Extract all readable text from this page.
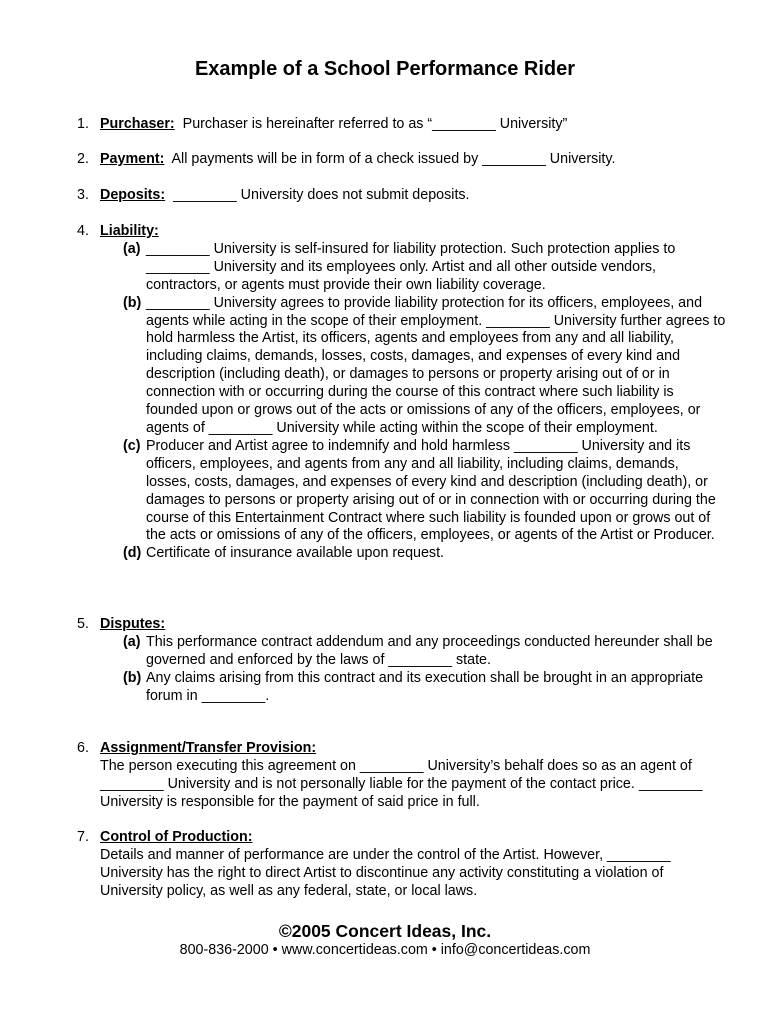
Example of a School Performance Rider
1. Purchaser: Purchaser is hereinafter referred to as “________ University”
2. Payment: All payments will be in form of a check issued by ________ University.
3. Deposits: ________ University does not submit deposits.
4. Liability:
(a) ________ University is self-insured for liability protection. Such protection applies to ________ University and its employees only. Artist and all other outside vendors, contractors, or agents must provide their own liability coverage.
(b) ________ University agrees to provide liability protection for its officers, employees, and agents while acting in the scope of their employment. ________ University further agrees to hold harmless the Artist, its officers, agents and employees from any and all liability, including claims, demands, losses, costs, damages, and expenses of every kind and description (including death), or damages to persons or property arising out of or in connection with or occurring during the course of this contract where such liability is founded upon or grows out of the acts or omissions of any of the officers, employees, or agents of ________ University while acting within the scope of their employment.
(c) Producer and Artist agree to indemnify and hold harmless ________ University and its officers, employees, and agents from any and all liability, including claims, demands, losses, costs, damages, and expenses of every kind and description (including death), or damages to persons or property arising out of or in connection with or occurring during the course of this Entertainment Contract where such liability is founded upon or grows out of the acts or omissions of any of the officers, employees, or agents of the Artist or Producer.
(d) Certificate of insurance available upon request.
5. Disputes:
(a) This performance contract addendum and any proceedings conducted hereunder shall be governed and enforced by the laws of ________ state.
(b) Any claims arising from this contract and its execution shall be brought in an appropriate forum in ________.
6. Assignment/Transfer Provision:
The person executing this agreement on ________ University’s behalf does so as an agent of ________ University and is not personally liable for the payment of the contact price. ________ University is responsible for the payment of said price in full.
7. Control of Production:
Details and manner of performance are under the control of the Artist. However, ________ University has the right to direct Artist to discontinue any activity constituting a violation of University policy, as well as any federal, state, or local laws.
©2005 Concert Ideas, Inc.
800-836-2000 • www.concertideas.com • info@concertideas.com
